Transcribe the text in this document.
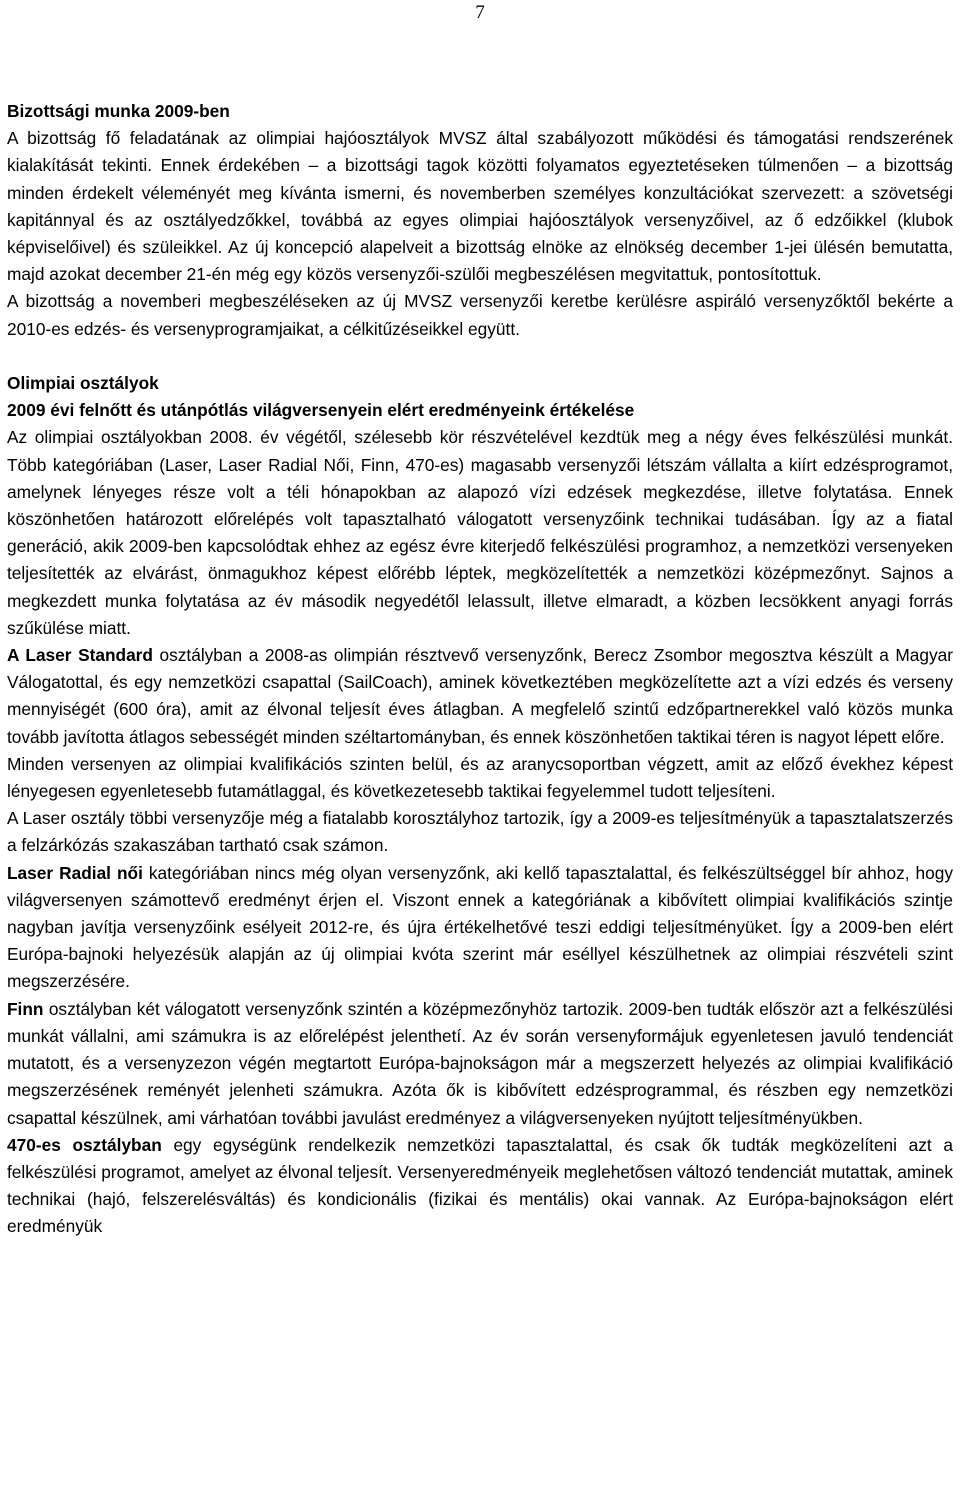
7
Bizottsági munka 2009-ben

A bizottság fő feladatának az olimpiai hajóosztályok MVSZ által szabályozott működési és támogatási rendszerének kialakítását tekinti. Ennek érdekében – a bizottsági tagok közötti folyamatos egyeztetéseken túlmenően – a bizottság minden érdekelt véleményét meg kívánta ismerni, és novemberben személyes konzultációkat szervezett: a szövetségi kapitánnyal és az osztályedzőkkel, továbbá az egyes olimpiai hajóosztályok versenyzőivel, az ő edzőikkel (klubok képviselőivel) és szüleikkel. Az új koncepció alapelveit a bizottság elnöke az elnökség december 1-jei ülésén bemutatta, majd azokat december 21-én még egy közös versenyzői-szülői megbeszélésen megvitattuk, pontosítottuk.

A bizottság a novemberi megbeszéléseken az új MVSZ versenyzői keretbe kerülésre aspiráló versenyzőktől bekérte a 2010-es edzés- és versenyprogramjaikat, a célkitűzéseikkel együtt.

Olimpiai osztályok
2009 évi felnőtt és utánpótlás világversenyein elért eredményeink értékelése

Az olimpiai osztályokban 2008. év végétől, szélesebb kör részvételével kezdtük meg a négy éves felkészülési munkát. Több kategóriában (Laser, Laser Radial Női, Finn, 470-es) magasabb versenyzői létszám vállalta a kiírt edzésprogramot, amelynek lényeges része volt a téli hónapokban az alapozó vízi edzések megkezdése, illetve folytatása. Ennek köszönhetően határozott előrelépés volt tapasztalható válogatott versenyzőink technikai tudásában. Így az a fiatal generáció, akik 2009-ben kapcsolódtak ehhez az egész évre kiterjedő felkészülési programhoz, a nemzetközi versenyeken teljesítették az elvárást, önmagukhoz képest előrébb léptek, megközelítették a nemzetközi középmezőnyt. Sajnos a megkezdett munka folytatása az év második negyedétől lelassult, illetve elmaradt, a közben lecsökkent anyagi forrás szűkülése miatt.

A Laser Standard osztályban a 2008-as olimpián résztvevő versenyzőnk, Berecz Zsombor megosztva készült a Magyar Válogatottal, és egy nemzetközi csapattal (SailCoach), aminek következtében megközelítette azt a vízi edzés és verseny mennyiségét (600 óra), amit az élvonal teljesít éves átlagban. A megfelelő szintű edzőpartnerekkel való közös munka tovább javította átlagos sebességét minden széltartományban, és ennek köszönhetően taktikai téren is nagyot lépett előre.

Minden versenyen az olimpiai kvalifikációs szinten belül, és az aranycsoportban végzett, amit az előző évekhez képest lényegesen egyenletesebb futamátlaggal, és következetesebb taktikai fegyelemmel tudott teljesíteni.

A Laser osztály többi versenyzője még a fiatalabb korosztályhoz tartozik, így a 2009-es teljesítményük a tapasztalatszerzés a felzárkózás szakaszában tartható csak számon.

Laser Radial női kategóriában nincs még olyan versenyzőnk, aki kellő tapasztalattal, és felkészültséggel bír ahhoz, hogy világversenyen számottevő eredményt érjen el. Viszont ennek a kategóriának a kibővített olimpiai kvalifikációs szintje nagyban javítja versenyzőink esélyeit 2012-re, és újra értékelhetővé teszi eddigi teljesítményüket. Így a 2009-ben elért Európa-bajnoki helyezésük alapján az új olimpiai kvóta szerint már eséllyel készülhetnek az olimpiai részvételi szint megszerzésére.

Finn osztályban két válogatott versenyzőnk szintén a középmezőnyhöz tartozik. 2009-ben tudták először azt a felkészülési munkát vállalni, ami számukra is az előrelépést jelenthetí. Az év során versenyformájuk egyenletesen javuló tendenciát mutatott, és a versenyzezon végén megtartott Európa-bajnokságon már a megszerzett helyezés az olimpiai kvalifikáció megszerzésének reményét jelenheti számukra. Azóta ők is kibővített edzésprogrammal, és részben egy nemzetközi csapattal készülnek, ami várhatóan további javulást eredményez a világversenyeken nyújtott teljesítményükben.

470-es osztályban egy egységünk rendelkezik nemzetközi tapasztalattal, és csak ők tudták megközelíteni azt a felkészülési programot, amelyet az élvonal teljesít. Versenyeredményeik meglehetősen változó tendenciát mutattak, aminek technikai (hajó, felszerelésváltás) és kondicionális (fizikai és mentális) okai vannak. Az Európa-bajnokságon elért eredményük
